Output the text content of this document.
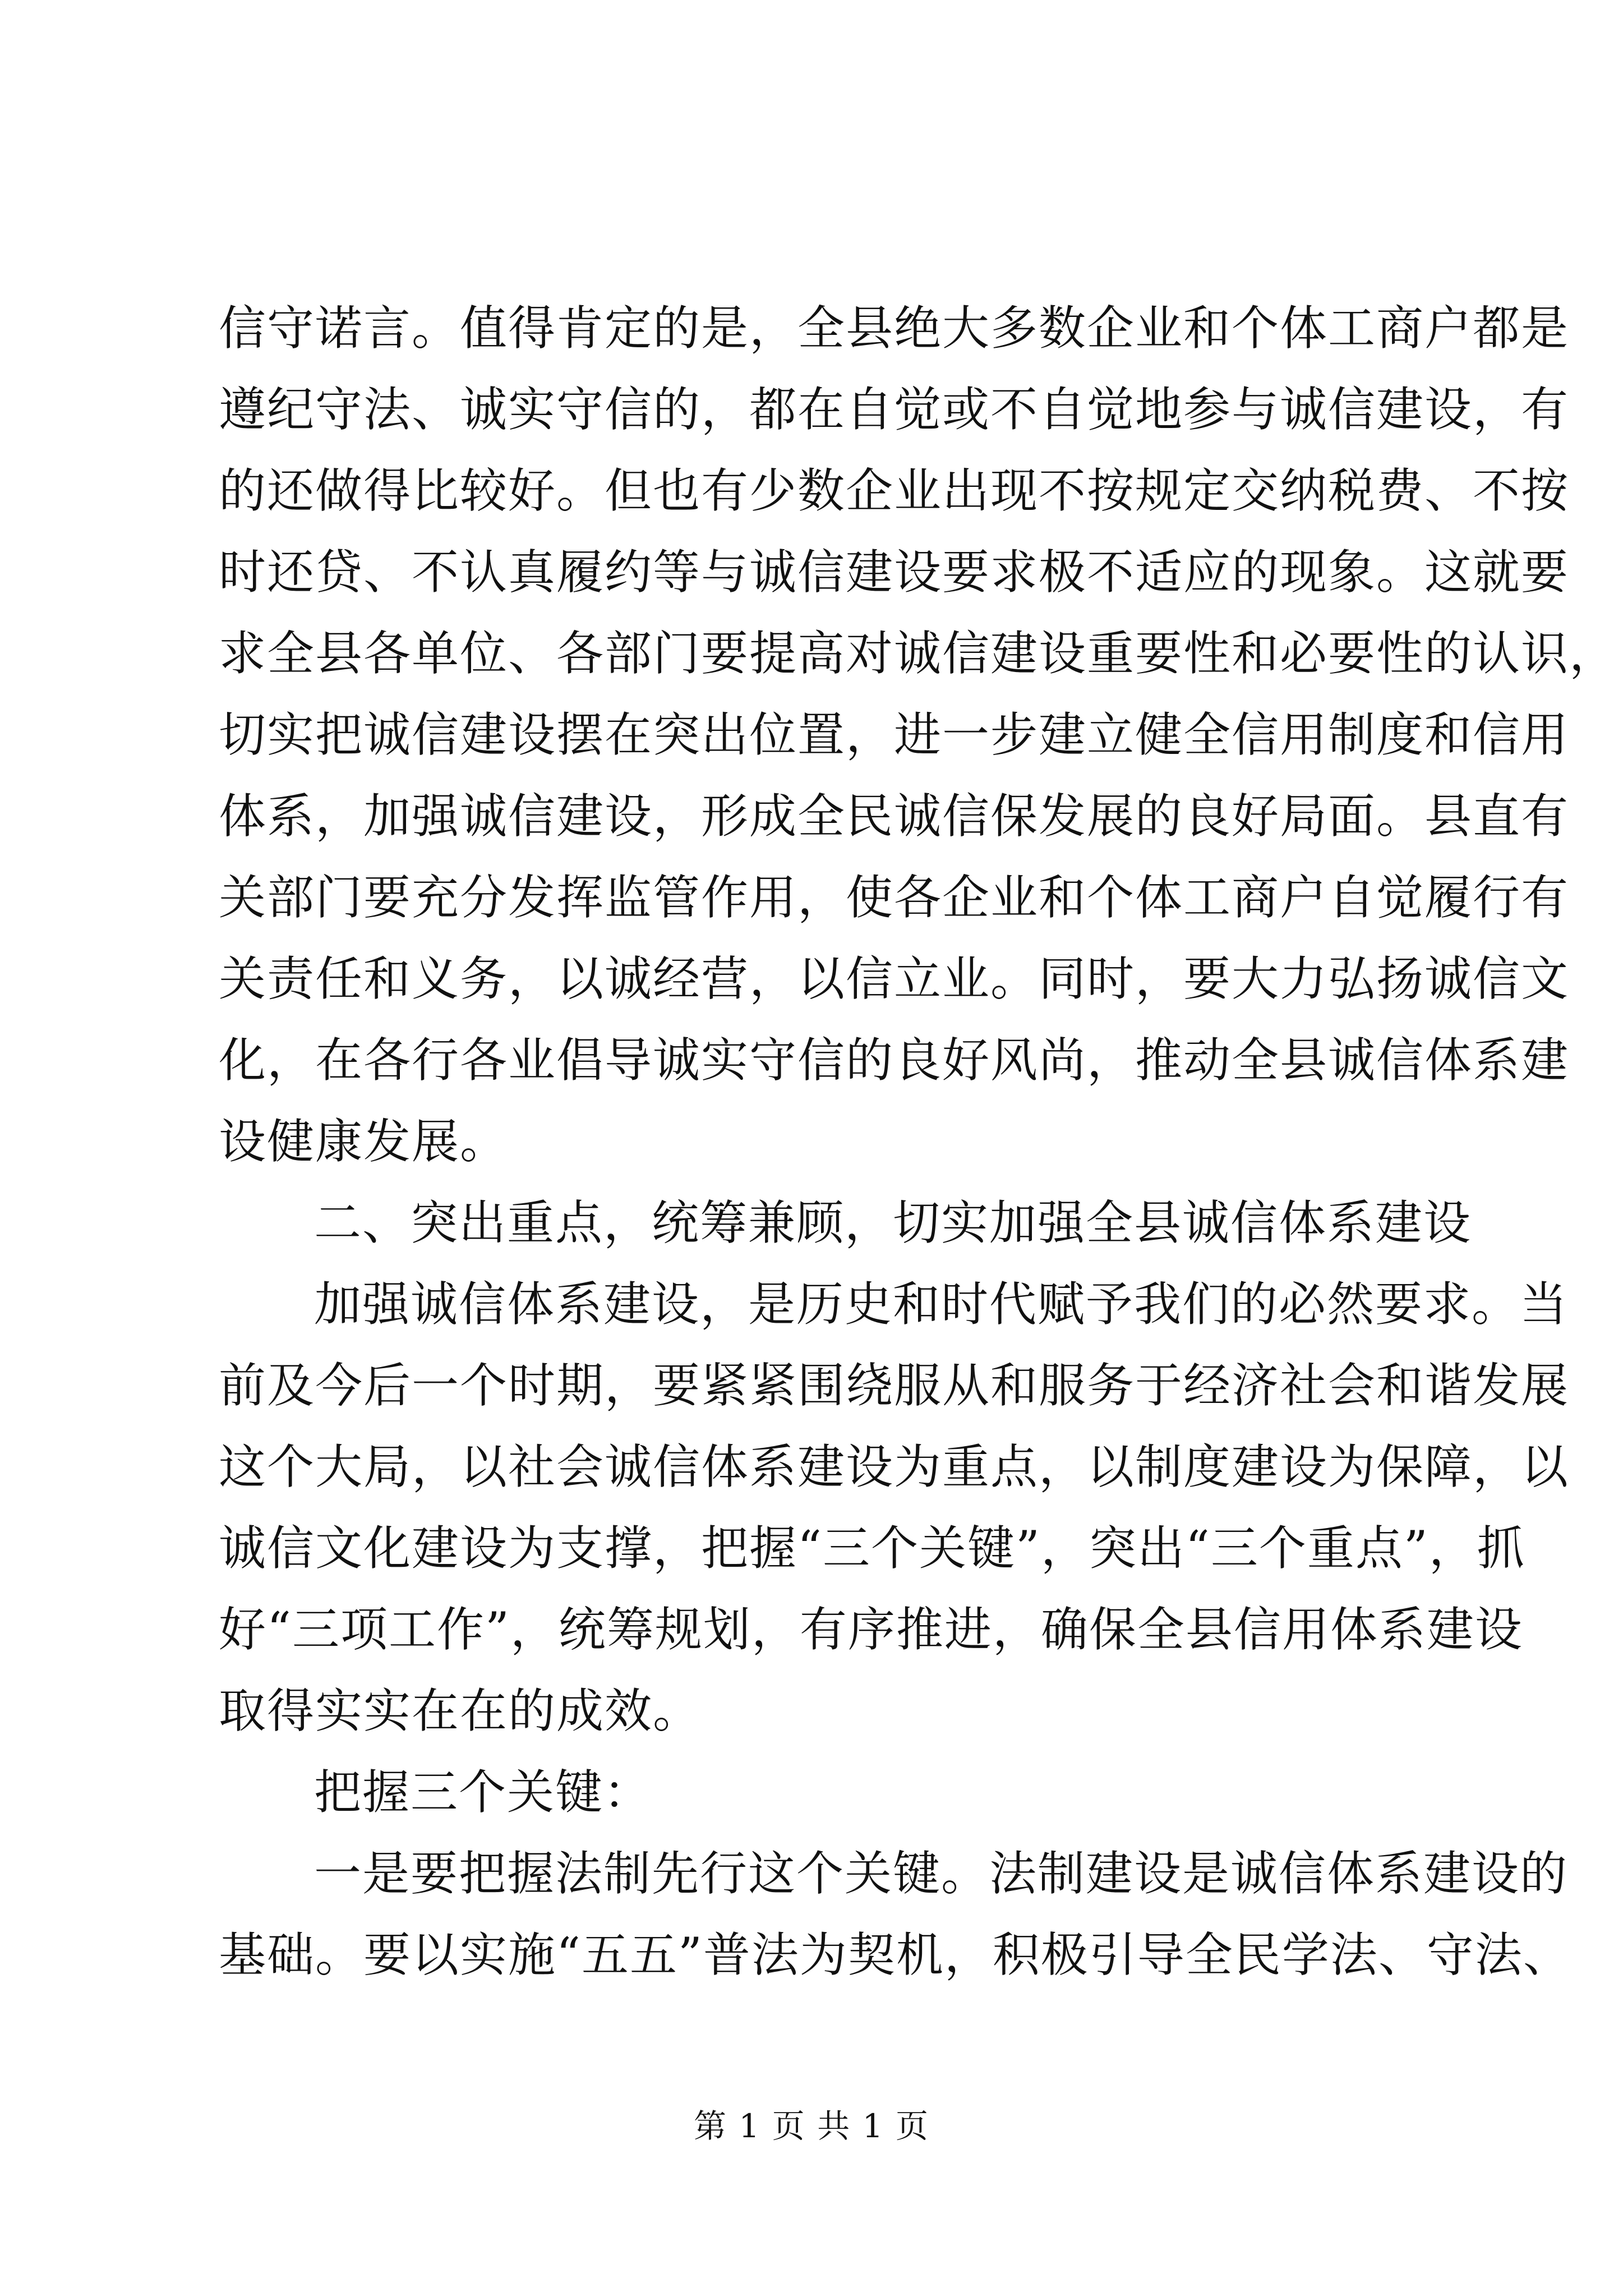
信守诺言。值得肯定的是，全县绝大多数企业和个体工商户都是
遵纪守法、诚实守信的，都在自觉或不自觉地参与诚信建设，有
的还做得比较好。但也有少数企业出现不按规定交纳税费、不按
时还贷、不认真履约等与诚信建设要求极不适应的现象。这就要
求全县各单位、各部门要提高对诚信建设重要性和必要性的认识，
切实把诚信建设摆在突出位置，进一步建立健全信用制度和信用
体系，加强诚信建设，形成全民诚信保发展的良好局面。县直有
关部门要充分发挥监管作用，使各企业和个体工商户自觉履行有
关责任和义务，以诚经营，以信立业。同时，要大力弘扬诚信文
化，在各行各业倡导诚实守信的良好风尚，推动全县诚信体系建
设健康发展。
二、突出重点，统筹兼顾，切实加强全县诚信体系建设
加强诚信体系建设，是历史和时代赋予我们的必然要求。当
前及今后一个时期，要紧紧围绕服从和服务于经济社会和谐发展
这个大局，以社会诚信体系建设为重点，以制度建设为保障，以
诚信文化建设为支撑，把握“三个关键”，突出“三个重点”，抓
好“三项工作”，统筹规划，有序推进，确保全县信用体系建设
取得实实在在的成效。
把握三个关键：
一是要把握法制先行这个关键。法制建设是诚信体系建设的
基础。要以实施“五五”普法为契机，积极引导全民学法、守法、
第 1 页 共 1 页
